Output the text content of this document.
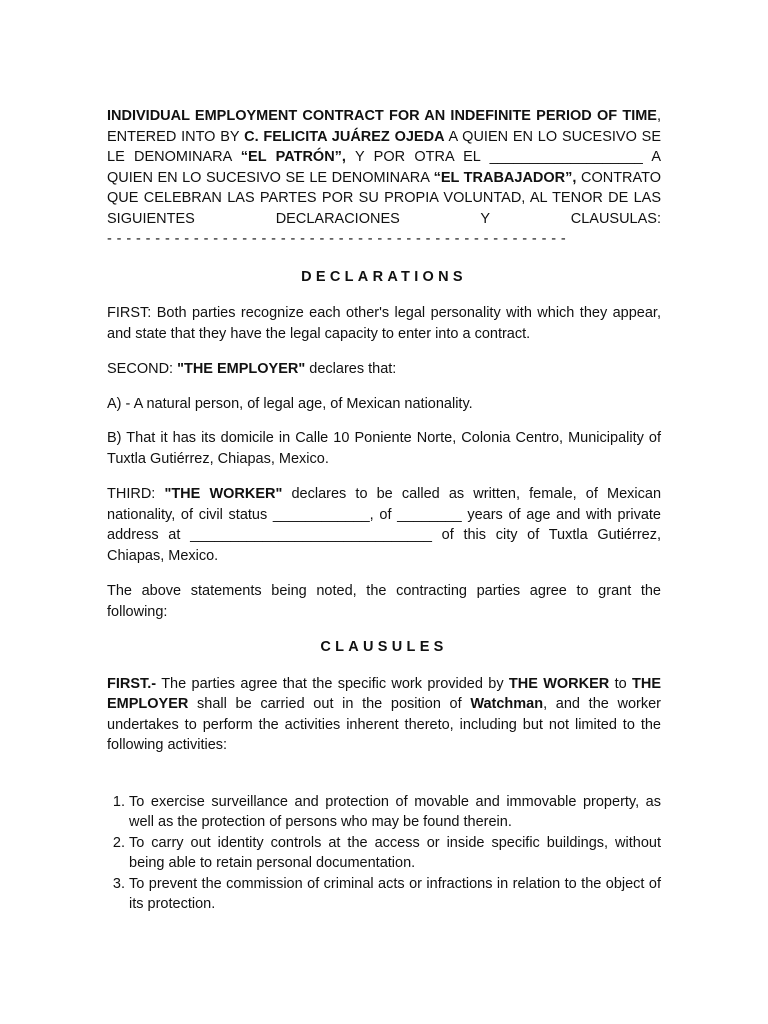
INDIVIDUAL EMPLOYMENT CONTRACT FOR AN INDEFINITE PERIOD OF TIME, ENTERED INTO BY C. FELICITA JUÁREZ OJEDA A QUIEN EN LO SUCESIVO SE LE DENOMINARA “EL PATRÓN”, Y POR OTRA EL ___________________ A QUIEN EN LO SUCESIVO SE LE DENOMINARA “EL TRABAJADOR”, CONTRATO QUE CELEBRAN LAS PARTES POR SU PROPIA VOLUNTAD, AL TENOR DE LAS SIGUIENTES DECLARACIONES Y CLAUSULAS: - - - - - - - - - - - - - - - - - - - - - - - - - - - - - - - - - - - - - - - - - - - - - - - -

DECLARATIONS

FIRST: Both parties recognize each other's legal personality with which they appear, and state that they have the legal capacity to enter into a contract.

SECOND: "THE EMPLOYER" declares that:

A) - A natural person, of legal age, of Mexican nationality.

B) That it has its domicile in Calle 10 Poniente Norte, Colonia Centro, Municipality of Tuxtla Gutiérrez, Chiapas, Mexico.

THIRD: "THE WORKER" declares to be called as written, female, of Mexican nationality, of civil status ____________, of ________ years of age and with private address at ______________________________ of this city of Tuxtla Gutiérrez, Chiapas, Mexico.

The above statements being noted, the contracting parties agree to grant the following:

CLAUSULES

FIRST.- The parties agree that the specific work provided by THE WORKER to THE EMPLOYER shall be carried out in the position of Watchman, and the worker undertakes to perform the activities inherent thereto, including but not limited to the following activities:

1. To exercise surveillance and protection of movable and immovable property, as well as the protection of persons who may be found therein.
2. To carry out identity controls at the access or inside specific buildings, without being able to retain personal documentation.
3. To prevent the commission of criminal acts or infractions in relation to the object of its protection.
